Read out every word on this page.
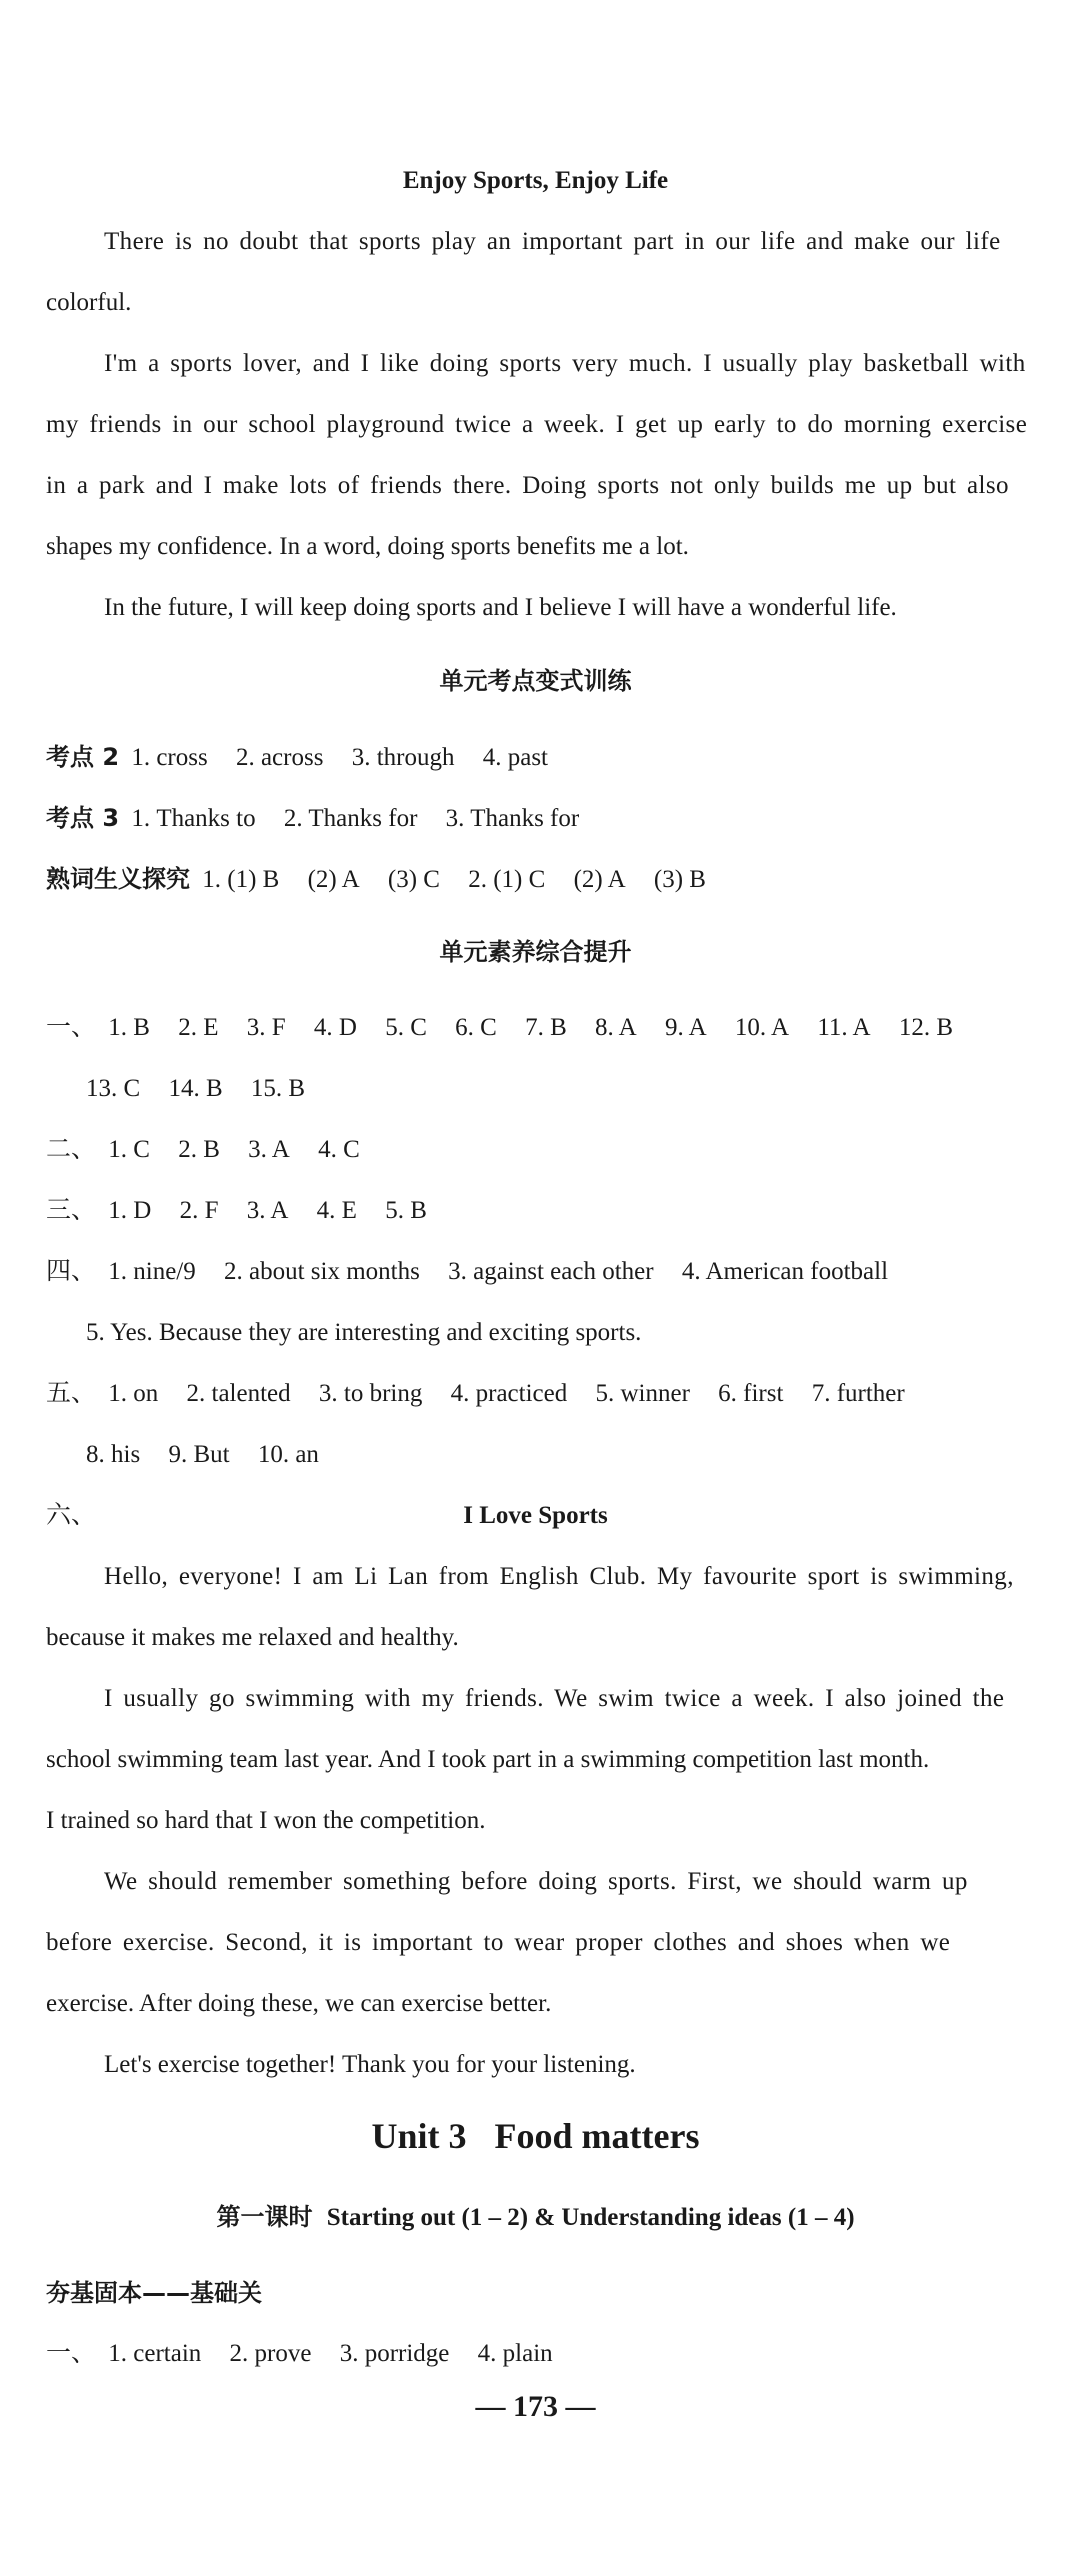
Enjoy Sports, Enjoy Life
There is no doubt that sports play an important part in our life and make our life
colorful.
I'm a sports lover, and I like doing sports very much. I usually play basketball with
my friends in our school playground twice a week. I get up early to do morning exercise
in a park and I make lots of friends there. Doing sports not only builds me up but also
shapes my confidence. In a word, doing sports benefits me a lot.
In the future, I will keep doing sports and I believe I will have a wonderful life.
单元考点变式训练
考点 2 1. cross 2. across 3. through 4. past
考点 3 1. Thanks to 2. Thanks for 3. Thanks for
熟词生义探究 1. (1) B (2) A (3) C 2. (1) C (2) A (3) B
单元素养综合提升
一、 1. B 2. E 3. F 4. D 5. C 6. C 7. B 8. A 9. A 10. A 11. A 12. B
13. C 14. B 15. B
二、 1. C 2. B 3. A 4. C
三、 1. D 2. F 3. A 4. E 5. B
四、 1. nine/9 2. about six months 3. against each other 4. American football
5. Yes. Because they are interesting and exciting sports.
五、 1. on 2. talented 3. to bring 4. practiced 5. winner 6. first 7. further
8. his 9. But 10. an
六、	I Love Sports
Hello, everyone! I am Li Lan from English Club. My favourite sport is swimming,
because it makes me relaxed and healthy.
I usually go swimming with my friends. We swim twice a week. I also joined the
school swimming team last year. And I took part in a swimming competition last month.
I trained so hard that I won the competition.
We should remember something before doing sports. First, we should warm up
before exercise. Second, it is important to wear proper clothes and shoes when we
exercise. After doing these, we can exercise better.
Let's exercise together! Thank you for your listening.
Unit 3 Food matters
第一课时 Starting out (1 – 2) & Understanding ideas (1 – 4)
夯基固本——基础关
一、 1. certain 2. prove 3. porridge 4. plain
— 173 —
